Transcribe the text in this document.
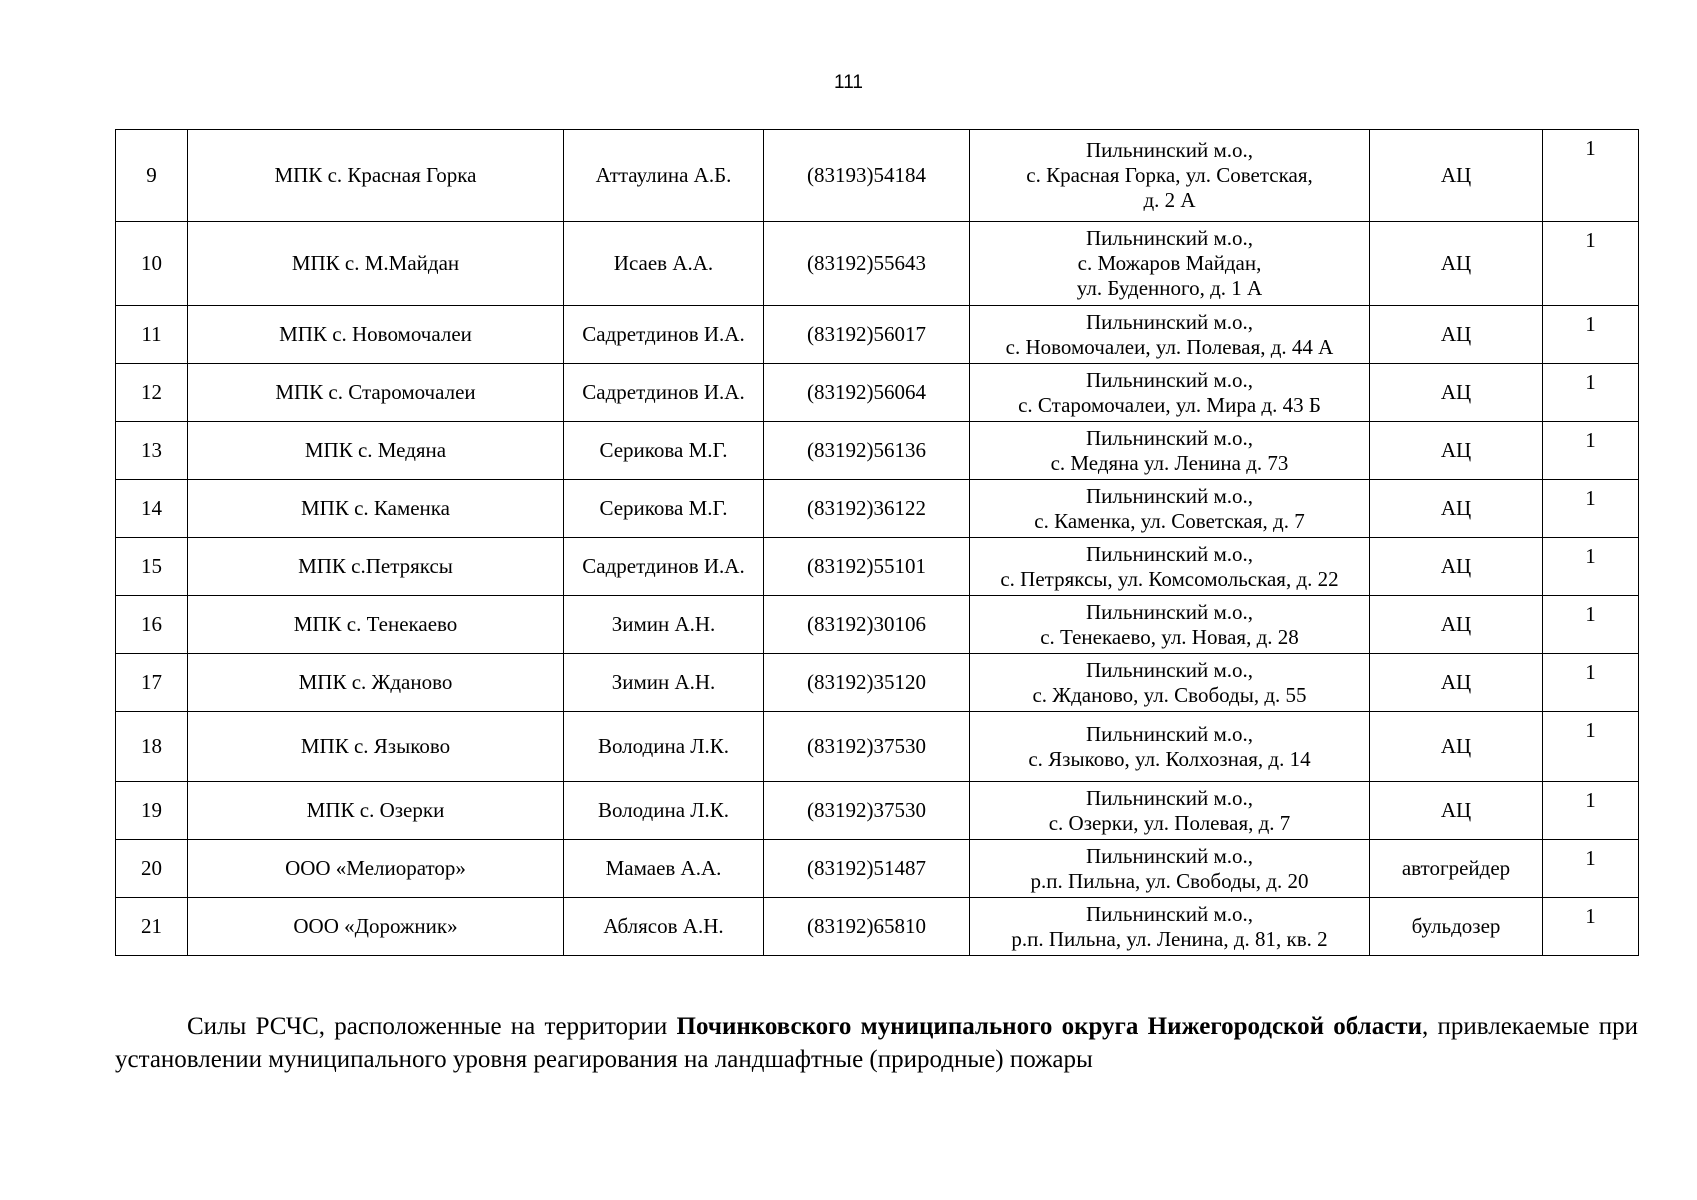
111
9	МПК с. Красная Горка	Аттаулина А.Б.	(83193)54184	Пильнинский м.о.,
с. Красная Горка, ул. Советская,
д. 2 А	АЦ	1
10	МПК с. М.Майдан	Исаев А.А.	(83192)55643	Пильнинский м.о.,
с. Можаров Майдан,
ул. Буденного, д. 1 А	АЦ	1
11	МПК с. Новомочалеи	Садретдинов И.А.	(83192)56017	Пильнинский м.о.,
с. Новомочалеи, ул. Полевая, д. 44 А	АЦ	1
12	МПК с. Старомочалеи	Садретдинов И.А.	(83192)56064	Пильнинский м.о.,
с. Старомочалеи, ул. Мира д. 43 Б	АЦ	1
13	МПК с. Медяна	Серикова М.Г.	(83192)56136	Пильнинский м.о.,
с. Медяна ул. Ленина д. 73	АЦ	1
14	МПК с. Каменка	Серикова М.Г.	(83192)36122	Пильнинский м.о.,
с. Каменка, ул. Советская, д. 7	АЦ	1
15	МПК с.Петряксы	Садретдинов И.А.	(83192)55101	Пильнинский м.о.,
с. Петряксы, ул. Комсомольская, д. 22	АЦ	1
16	МПК с. Тенекаево	Зимин А.Н.	(83192)30106	Пильнинский м.о.,
с. Тенекаево, ул. Новая, д. 28	АЦ	1
17	МПК с. Жданово	Зимин А.Н.	(83192)35120	Пильнинский м.о.,
с. Жданово, ул. Свободы, д. 55	АЦ	1
18	МПК с. Языково	Володина Л.К.	(83192)37530	Пильнинский м.о.,
с. Языково, ул. Колхозная, д. 14	АЦ	1
19	МПК с. Озерки	Володина Л.К.	(83192)37530	Пильнинский м.о.,
с. Озерки, ул. Полевая, д. 7	АЦ	1
20	ООО «Мелиоратор»	Мамаев А.А.	(83192)51487	Пильнинский м.о.,
р.п. Пильна, ул. Свободы, д. 20	автогрейдер	1
21	ООО «Дорожник»	Аблясов А.Н.	(83192)65810	Пильнинский м.о.,
р.п. Пильна, ул. Ленина, д. 81, кв. 2	бульдозер	1

Силы РСЧС, расположенные на территории Починковского муниципального округа Нижегородской области, привлекаемые при установлении муниципального уровня реагирования на ландшафтные (природные) пожары
